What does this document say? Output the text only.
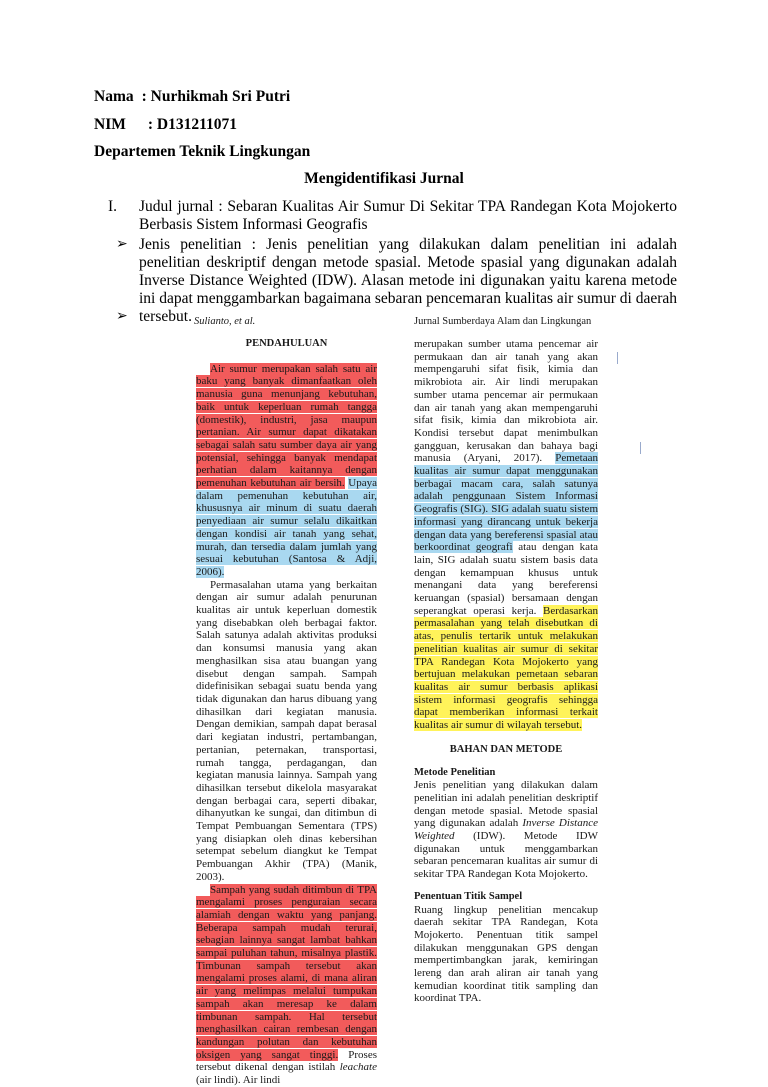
Nama : Nurhikmah Sri Putri
NIM : D131211071
Departemen Teknik Lingkungan
Mengidentifikasi Jurnal
I. Judul jurnal : Sebaran Kualitas Air Sumur Di Sekitar TPA Randegan Kota Mojokerto Berbasis Sistem Informasi Geografis
➢ Jenis penelitian : Jenis penelitian yang dilakukan dalam penelitian ini adalah penelitian deskriptif dengan metode spasial. Metode spasial yang digunakan adalah Inverse Distance Weighted (IDW). Alasan metode ini digunakan yaitu karena metode ini dapat menggambarkan bagaimana sebaran pencemaran kualitas air sumur di daerah tersebut.
➢	Sulianto, et al.	Jurnal Sumberdaya Alam dan Lingkungan

PENDAHULUAN

Air sumur merupakan salah satu air baku yang banyak dimanfaatkan oleh manusia guna menunjang kebutuhan, baik untuk keperluan rumah tangga (domestik), industri, jasa maupun pertanian. Air sumur dapat dikatakan sebagai salah satu sumber daya air yang potensial, sehingga banyak mendapat perhatian dalam kaitannya dengan pemenuhan kebutuhan air bersih. Upaya dalam pemenuhan kebutuhan air, khususnya air minum di suatu daerah penyediaan air sumur selalu dikaitkan dengan kondisi air tanah yang sehat, murah, dan tersedia dalam jumlah yang sesuai kebutuhan (Santosa & Adji, 2006).

Permasalahan utama yang berkaitan dengan air sumur adalah penurunan kualitas air untuk keperluan domestik yang disebabkan oleh berbagai faktor. Salah satunya adalah aktivitas produksi dan konsumsi manusia yang akan menghasilkan sisa atau buangan yang disebut dengan sampah. Sampah didefinisikan sebagai suatu benda yang tidak digunakan dan harus dibuang yang dihasilkan dari kegiatan manusia. Dengan demikian, sampah dapat berasal dari kegiatan industri, pertambangan, pertanian, peternakan, transportasi, rumah tangga, perdagangan, dan kegiatan manusia lainnya. Sampah yang dihasilkan tersebut dikelola masyarakat dengan berbagai cara, seperti dibakar, dihanyutkan ke sungai, dan ditimbun di Tempat Pembuangan Sementara (TPS) yang disiapkan oleh dinas kebersihan setempat sebelum diangkut ke Tempat Pembuangan Akhir (TPA) (Manik, 2003).

Sampah yang sudah ditimbun di TPA mengalami proses penguraian secara alamiah dengan waktu yang panjang. Beberapa sampah mudah terurai, sebagian lainnya sangat lambat bahkan sampai puluhan tahun, misalnya plastik. Timbunan sampah tersebut akan mengalami proses alami, di mana aliran air yang melimpas melalui tumpukan sampah akan meresap ke dalam timbunan sampah. Hal tersebut menghasilkan cairan rembesan dengan kandungan polutan dan kebutuhan oksigen yang sangat tinggi. Proses tersebut dikenal dengan istilah leachate (air lindi). Air lindi

merupakan sumber utama pencemar air permukaan dan air tanah yang akan mempengaruhi sifat fisik, kimia dan mikrobiota air. Air lindi merupakan sumber utama pencemar air permukaan dan air tanah yang akan mempengaruhi sifat fisik, kimia dan mikrobiota air. Kondisi tersebut dapat menimbulkan gangguan, kerusakan dan bahaya bagi manusia (Aryani, 2017). Pemetaan kualitas air sumur dapat menggunakan berbagai macam cara, salah satunya adalah penggunaan Sistem Informasi Geografis (SIG). SIG adalah suatu sistem informasi yang dirancang untuk bekerja dengan data yang bereferensi spasial atau berkoordinat geografi atau dengan kata lain, SIG adalah suatu sistem basis data dengan kemampuan khusus untuk menangani data yang bereferensi keruangan (spasial) bersamaan dengan seperangkat operasi kerja. Berdasarkan permasalahan yang telah disebutkan di atas, penulis tertarik untuk melakukan penelitian kualitas air sumur di sekitar TPA Randegan Kota Mojokerto yang bertujuan melakukan pemetaan sebaran kualitas air sumur berbasis aplikasi sistem informasi geografis sehingga dapat memberikan informasi terkait kualitas air sumur di wilayah tersebut.

BAHAN DAN METODE

Metode Penelitian

Jenis penelitian yang dilakukan dalam penelitian ini adalah penelitian deskriptif dengan metode spasial. Metode spasial yang digunakan adalah Inverse Distance Weighted (IDW). Metode IDW digunakan untuk menggambarkan sebaran pencemaran kualitas air sumur di sekitar TPA Randegan Kota Mojokerto.

Penentuan Titik Sampel

Ruang lingkup penelitian mencakup daerah sekitar TPA Randegan, Kota Mojokerto. Penentuan titik sampel dilakukan menggunakan GPS dengan mempertimbangkan jarak, kemiringan lereng dan arah aliran air tanah yang kemudian koordinat titik sampling dan koordinat TPA.
